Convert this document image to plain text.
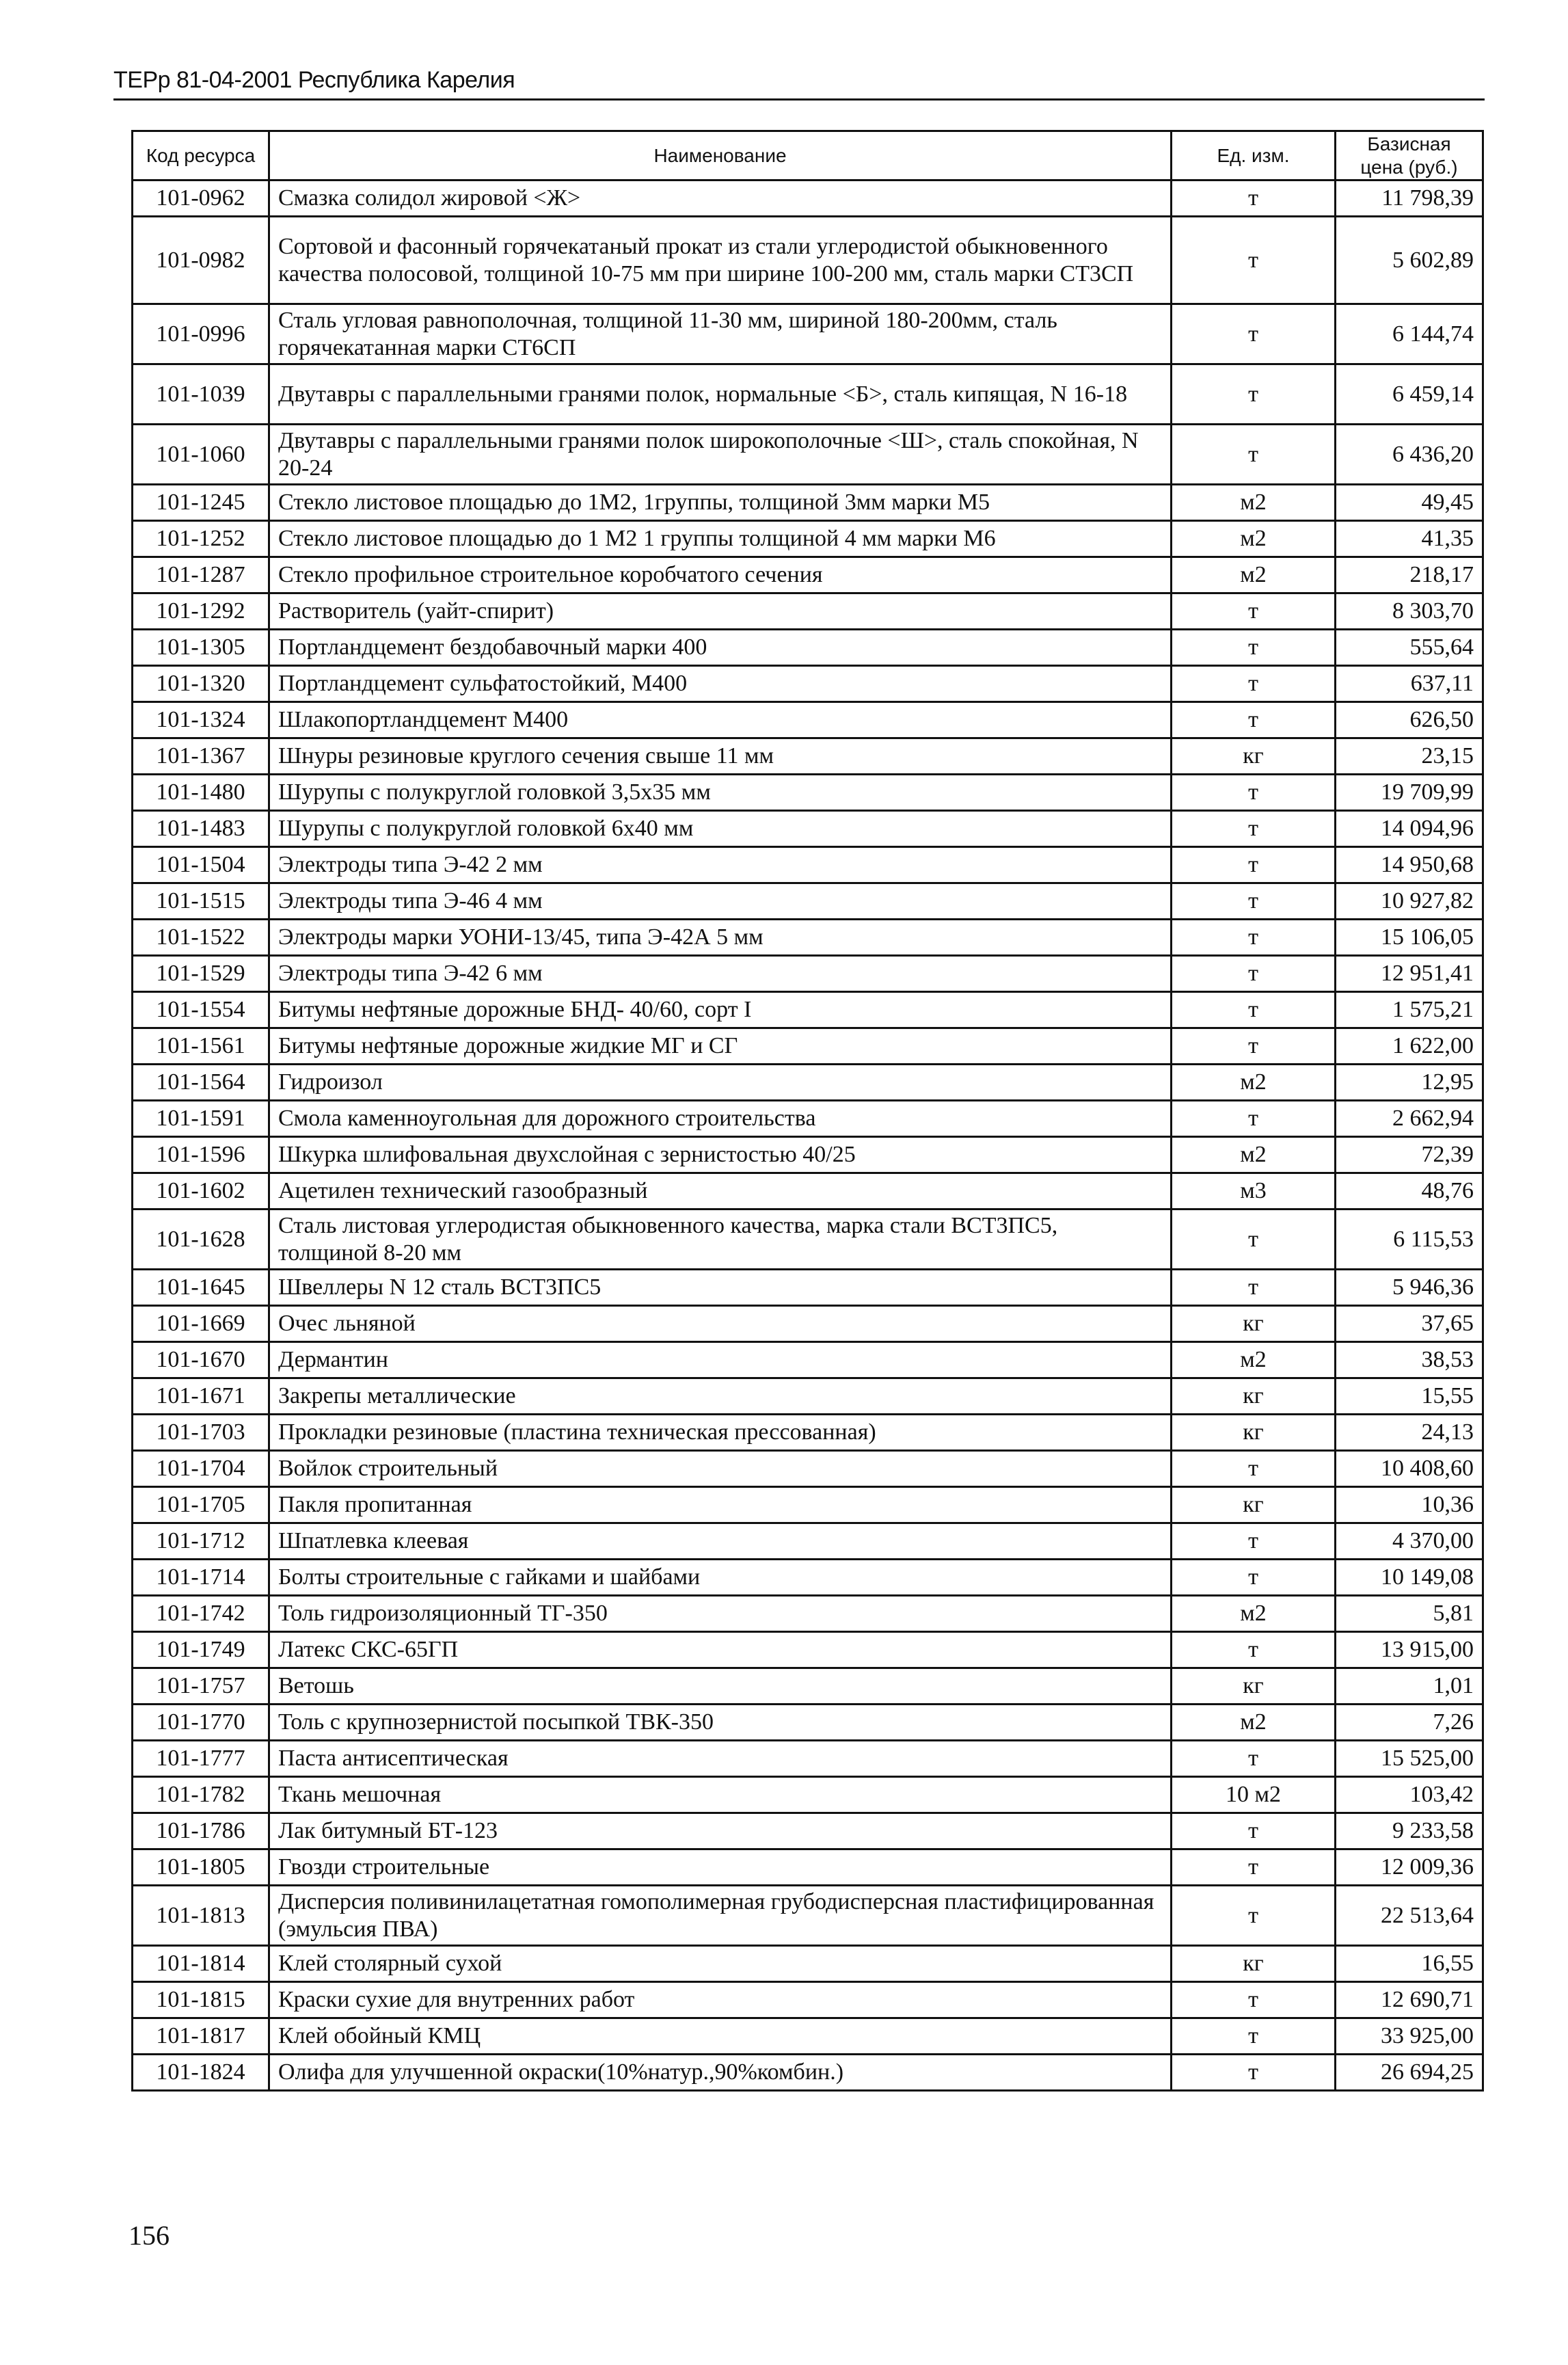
ТЕРр 81-04-2001 Республика Карелия
Код ресурса	Наименование	Ед. изм.	Базисная цена (руб.)
101-0962	Смазка солидол жировой <Ж>	т	11 798,39
101-0982	Сортовой и фасонный горячекатаный прокат из стали углеродистой обыкновенного качества полосовой, толщиной 10-75 мм при ширине 100-200 мм, сталь марки СТ3СП	т	5 602,89
101-0996	Сталь угловая равнополочная, толщиной 11-30 мм, шириной 180-200мм, сталь горячекатанная марки СТ6СП	т	6 144,74
101-1039	Двутавры с параллельными гранями полок, нормальные <Б>, сталь кипящая, N 16-18	т	6 459,14
101-1060	Двутавры с параллельными гранями полок широкополочные <Ш>, сталь спокойная, N 20-24	т	6 436,20
101-1245	Стекло листовое площадью до 1М2, 1группы, толщиной 3мм марки М5	м2	49,45
101-1252	Стекло листовое площадью до 1 М2 1 группы толщиной 4 мм марки М6	м2	41,35
101-1287	Стекло профильное строительное коробчатого сечения	м2	218,17
101-1292	Растворитель (уайт-спирит)	т	8 303,70
101-1305	Портландцемент бездобавочный марки 400	т	555,64
101-1320	Портландцемент сульфатостойкий, М400	т	637,11
101-1324	Шлакопортландцемент М400	т	626,50
101-1367	Шнуры резиновые круглого сечения свыше 11 мм	кг	23,15
101-1480	Шурупы с полукруглой головкой 3,5х35 мм	т	19 709,99
101-1483	Шурупы с полукруглой головкой 6х40 мм	т	14 094,96
101-1504	Электроды типа Э-42 2 мм	т	14 950,68
101-1515	Электроды типа Э-46 4 мм	т	10 927,82
101-1522	Электроды марки УОНИ-13/45, типа Э-42А 5 мм	т	15 106,05
101-1529	Электроды типа Э-42 6 мм	т	12 951,41
101-1554	Битумы нефтяные дорожные БНД- 40/60, сорт I	т	1 575,21
101-1561	Битумы нефтяные дорожные жидкие МГ и СГ	т	1 622,00
101-1564	Гидроизол	м2	12,95
101-1591	Смола каменноугольная для дорожного строительства	т	2 662,94
101-1596	Шкурка шлифовальная двухслойная с зернистостью 40/25	м2	72,39
101-1602	Ацетилен технический газообразный	м3	48,76
101-1628	Сталь листовая углеродистая обыкновенного качества, марка стали ВСТ3ПС5, толщиной 8-20 мм	т	6 115,53
101-1645	Швеллеры N 12 сталь ВСТ3ПС5	т	5 946,36
101-1669	Очес льняной	кг	37,65
101-1670	Дермантин	м2	38,53
101-1671	Закрепы металлические	кг	15,55
101-1703	Прокладки резиновые (пластина техническая прессованная)	кг	24,13
101-1704	Войлок строительный	т	10 408,60
101-1705	Пакля пропитанная	кг	10,36
101-1712	Шпатлевка клеевая	т	4 370,00
101-1714	Болты строительные с гайками и шайбами	т	10 149,08
101-1742	Толь гидроизоляционный ТГ-350	м2	5,81
101-1749	Латекс СКС-65ГП	т	13 915,00
101-1757	Ветошь	кг	1,01
101-1770	Толь с крупнозернистой посыпкой ТВК-350	м2	7,26
101-1777	Паста антисептическая	т	15 525,00
101-1782	Ткань мешочная	10 м2	103,42
101-1786	Лак битумный БТ-123	т	9 233,58
101-1805	Гвозди строительные	т	12 009,36
101-1813	Дисперсия поливинилацетатная гомополимерная грубодисперсная пластифицированная (эмульсия ПВА)	т	22 513,64
101-1814	Клей столярный сухой	кг	16,55
101-1815	Краски сухие для внутренних работ	т	12 690,71
101-1817	Клей обойный КМЦ	т	33 925,00
101-1824	Олифа для улучшенной окраски(10%натур.,90%комбин.)	т	26 694,25
156
